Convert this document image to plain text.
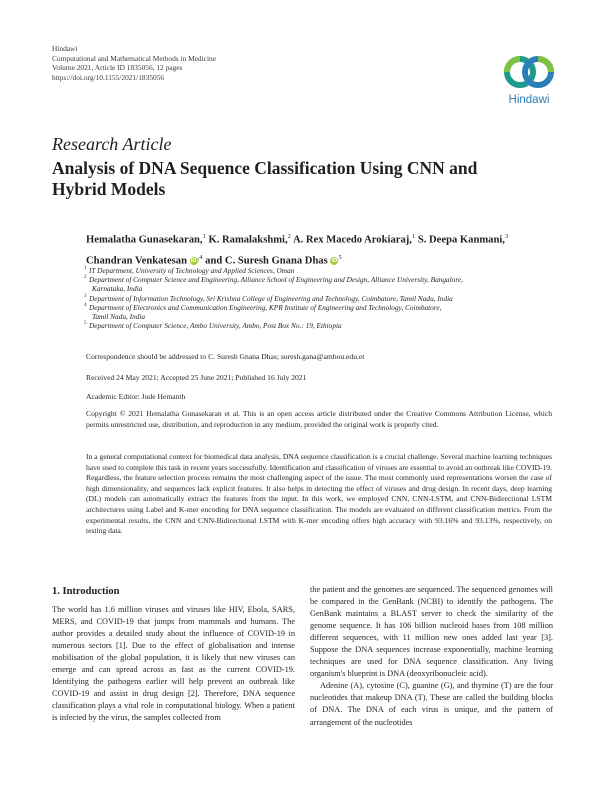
Hindawi
Computational and Mathematical Methods in Medicine
Volume 2021, Article ID 1835056, 12 pages
https://doi.org/10.1155/2021/1835056
Hindawi
Research Article
Analysis of DNA Sequence Classification Using CNN and Hybrid Models
Hemalatha Gunasekaran,$^1$ K. Ramalakshmi,$^2$ A. Rex Macedo Arokiaraj,$^1$ S. Deepa Kanmani,$^3$
Chandran Venkatesan $iD^{,4}$ and C. Suresh Gnana Dhas $iD^5$
1 IT Department, University of Technology and Applied Sciences, Oman
2 Department of Computer Science and Engineering, Alliance School of Engineering and Design, Alliance University, Bangalore,
Karnataka, India
3 Department of Information Technology, Sri Krishna College of Engineering and Technology, Coimbatore, Tamil Nadu, India
4 Department of Electronics and Communication Engineering, KPR Institute of Engineering and Technology, Coimbatore,
Tamil Nadu, India
5 Department of Computer Science, Ambo University, Ambo, Post Box No.: 19, Ethiopia
Correspondence should be addressed to C. Suresh Gnana Dhas; suresh.gana@ambou.edu.et
Received 24 May 2021; Accepted 25 June 2021; Published 16 July 2021
Academic Editor: Jude Hemanth
Copyright © 2021 Hemalatha Gunasekaran et al. This is an open access article distributed under the Creative Commons Attribution License, which permits unrestricted use, distribution, and reproduction in any medium, provided the original work is properly cited.
In a general computational context for biomedical data analysis, DNA sequence classification is a crucial challenge. Several machine learning techniques have used to complete this task in recent years successfully. Identification and classification of viruses are essential to avoid an outbreak like COVID-19. Regardless, the feature selection process remains the most challenging aspect of the issue. The most commonly used representations worsen the case of high dimensionality, and sequences lack explicit features. It also helps in detecting the effect of viruses and drug design. In recent days, deep learning (DL) models can automatically extract the features from the input. In this work, we employed CNN, CNN-LSTM, and CNN-Bidirectional LSTM architectures using Label and K-mer encoding for DNA sequence classification. The models are evaluated on different classification metrics. From the experimental results, the CNN and CNN-Bidirectional LSTM with K-mer encoding offers high accuracy with 93.16% and 93.13%, respectively, on testing data.
1. Introduction

The world has 1.6 million viruses and viruses like HIV, Ebola, SARS, MERS, and COVID-19 that jumps from mammals and humans. The author provides a detailed study about the influence of COVID-19 in numerous sectors [1]. Due to the effect of globalisation and intense mobilisation of the global population, it is likely that new viruses can emerge and can spread across as fast as the current COVID-19. Identifying the pathogens earlier will help prevent an outbreak like COVID-19 and assist in drug design [2]. Therefore, DNA sequence classification plays a vital role in computational biology. When a patient is infected by the virus, the samples collected from

the patient and the genomes are sequenced. The sequenced genomes will be compared in the GenBank (NCBI) to identify the pathogens. The GenBank maintains a BLAST server to check the similarity of the genome sequence. It has 106 billion nucleoid bases from 108 million different sequences, with 11 million new ones added last year [3]. Suppose the DNA sequences increase exponentially, machine learning techniques are used for DNA sequence classification. Any living organism's blueprint is DNA (deoxyribonucleic acid).

Adenine (A), cytosine (C), guanine (G), and thymine (T) are the four nucleotides that makeup DNA (T). These are called the building blocks of DNA. The DNA of each virus is unique, and the pattern of arrangement of the nucleotides
